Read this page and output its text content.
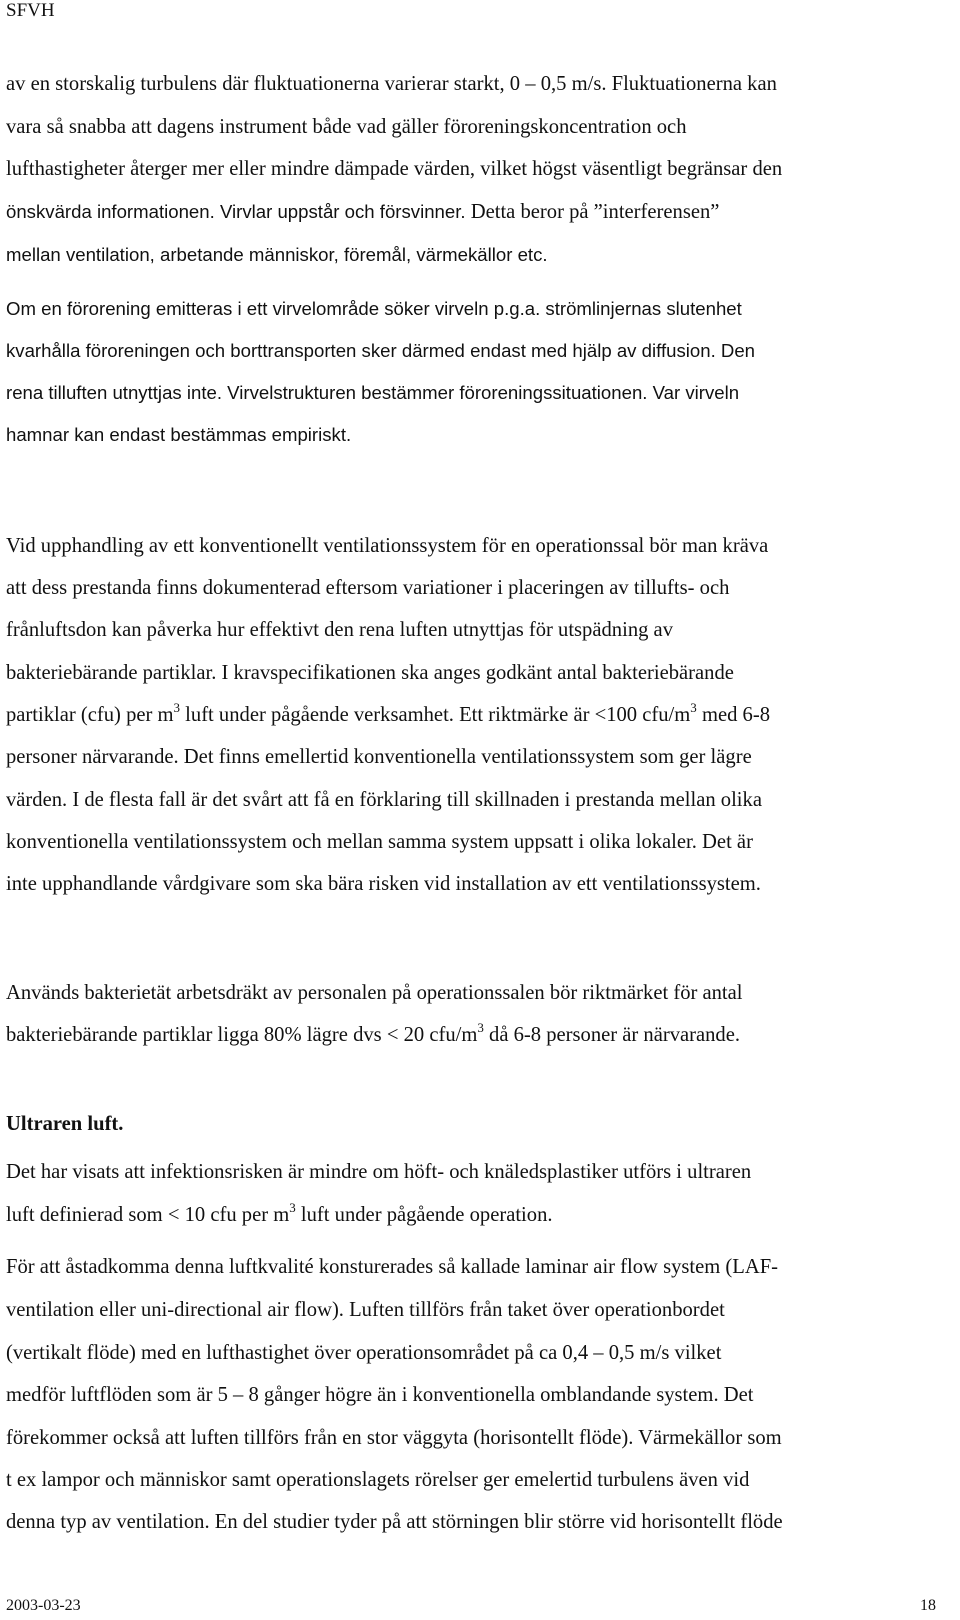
SFVH
av en storskalig turbulens där fluktuationerna varierar starkt, 0 – 0,5 m/s. Fluktuationerna kan
vara så snabba att dagens instrument både vad gäller föroreningskoncentration och
lufthastigheter återger mer eller mindre dämpade värden, vilket högst väsentligt begränsar den
önskvärda informationen. Virvlar uppstår och försvinner. Detta beror på ”interferensen”
mellan ventilation, arbetande människor, föremål, värmekällor etc.
Om en förorening emitteras i ett virvelområde söker virveln p.g.a. strömlinjernas slutenhet
kvarhålla föroreningen och borttransporten sker därmed endast med hjälp av diffusion. Den
rena tilluften utnyttjas inte. Virvelstrukturen bestämmer föroreningssituationen. Var virveln
hamnar kan endast bestämmas empiriskt.
Vid upphandling av ett konventionellt ventilationssystem för en operationssal bör man kräva
att dess prestanda finns dokumenterad eftersom variationer i placeringen av tillufts- och
frånluftsdon kan påverka hur effektivt den rena luften utnyttjas för utspädning av
bakteriebärande partiklar. I kravspecifikationen ska anges godkänt antal bakteriebärande
partiklar (cfu) per $m^3$ luft under pågående verksamhet. Ett riktmärke är <100 cfu/$m^3$ med 6-8
personer närvarande. Det finns emellertid konventionella ventilationssystem som ger lägre
värden. I de flesta fall är det svårt att få en förklaring till skillnaden i prestanda mellan olika
konventionella ventilationssystem och mellan samma system uppsatt i olika lokaler. Det är
inte upphandlande vårdgivare som ska bära risken vid installation av ett ventilationssystem.
Används bakterietät arbetsdräkt av personalen på operationssalen bör riktmärket för antal
bakteriebärande partiklar ligga 80% lägre dvs < 20 cfu/$m^3$ då 6-8 personer är närvarande.
Ultraren luft.
Det har visats att infektionsrisken är mindre om höft- och knäledsplastiker utförs i ultraren
luft definierad som < 10 cfu per $m^3$ luft under pågående operation.
För att åstadkomma denna luftkvalité konsturerades så kallade laminar air flow system (LAF-
ventilation eller uni-directional air flow). Luften tillförs från taket över operationbordet
(vertikalt flöde) med en lufthastighet över operationsområdet på ca 0,4 – 0,5 m/s vilket
medför luftflöden som är 5 – 8 gånger högre än i konventionella omblandande system. Det
förekommer också att luften tillförs från en stor väggyta (horisontellt flöde). Värmekällor som
t ex lampor och människor samt operationslagets rörelser ger emelertid turbulens även vid
denna typ av ventilation. En del studier tyder på att störningen blir större vid horisontellt flöde
2003-03-23	18
